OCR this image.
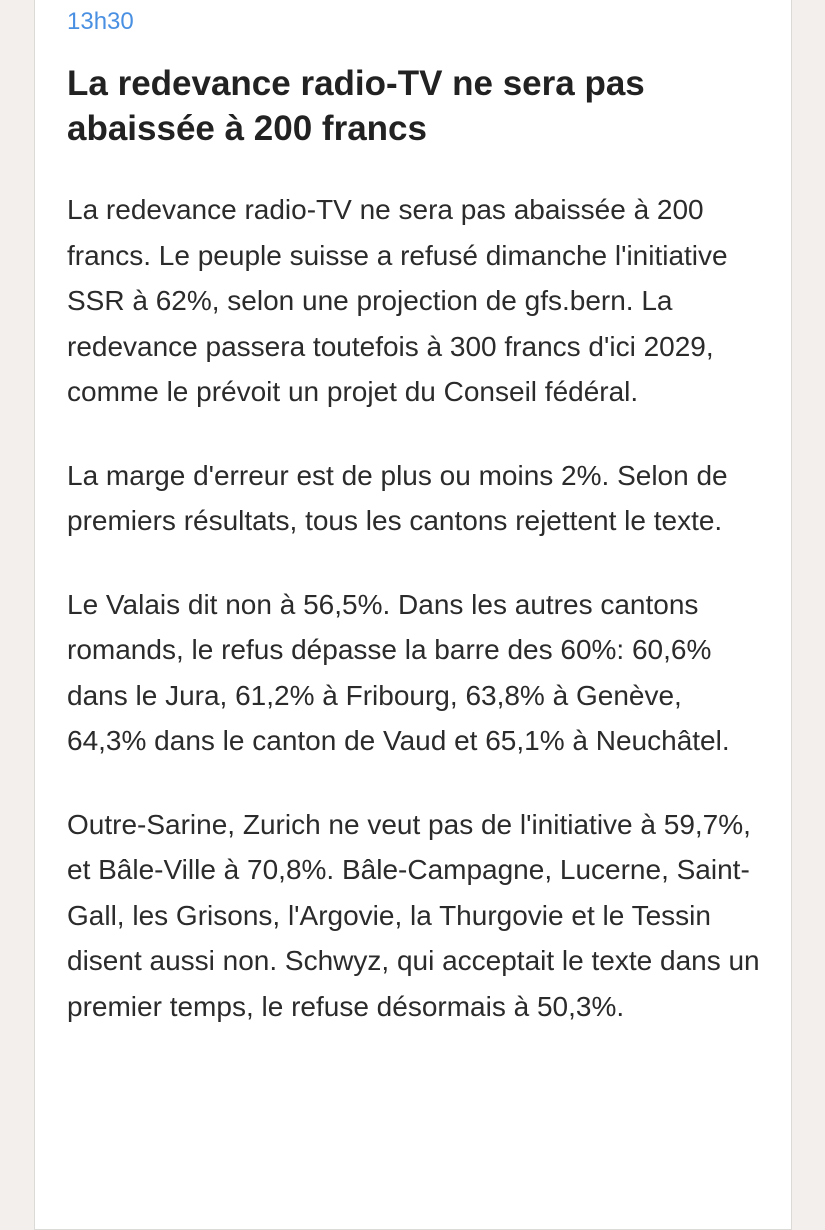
13h30
La redevance radio-TV ne sera pas abaissée à 200 francs

La redevance radio-TV ne sera pas abaissée à 200 francs. Le peuple suisse a refusé dimanche l'initiative SSR à 62%, selon une projection de gfs.bern. La redevance passera toutefois à 300 francs d'ici 2029, comme le prévoit un projet du Conseil fédéral.

La marge d'erreur est de plus ou moins 2%. Selon de premiers résultats, tous les cantons rejettent le texte.

Le Valais dit non à 56,5%. Dans les autres cantons romands, le refus dépasse la barre des 60%: 60,6% dans le Jura, 61,2% à Fribourg, 63,8% à Genève, 64,3% dans le canton de Vaud et 65,1% à Neuchâtel.

Outre-Sarine, Zurich ne veut pas de l'initiative à 59,7%, et Bâle-Ville à 70,8%. Bâle-Campagne, Lucerne, Saint-Gall, les Grisons, l'Argovie, la Thurgovie et le Tessin disent aussi non. Schwyz, qui acceptait le texte dans un premier temps, le refuse désormais à 50,3%.
